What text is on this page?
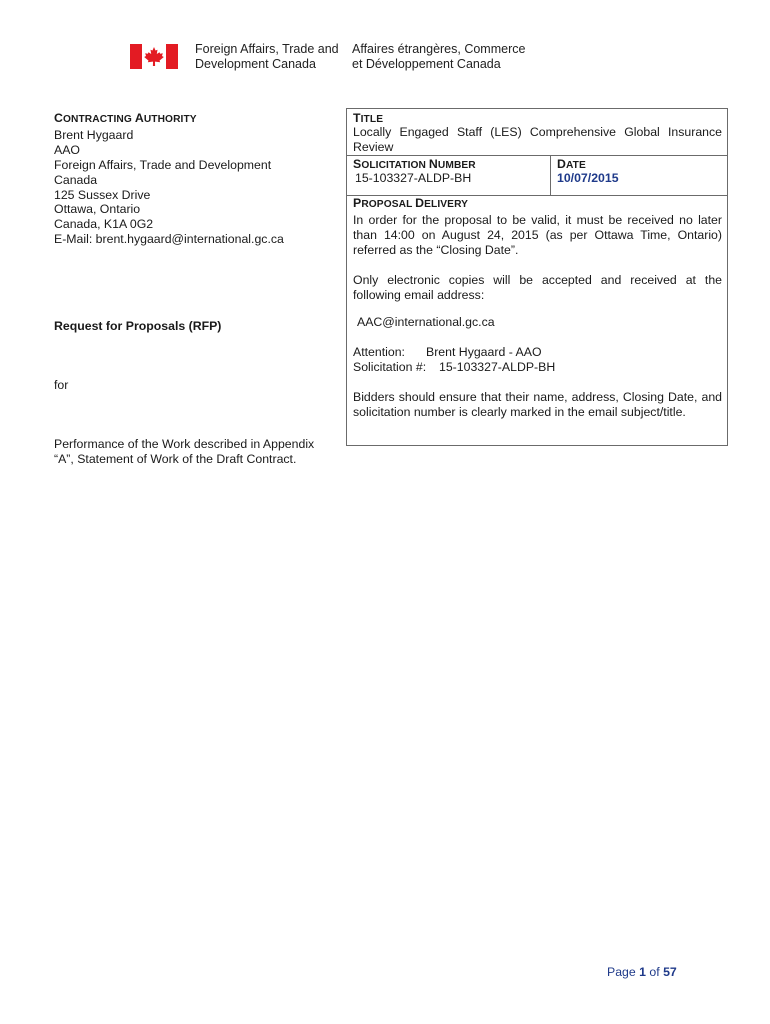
Foreign Affairs, Trade and
Development Canada
Affaires étrangères, Commerce
et Développement Canada
CONTRACTING AUTHORITY
Brent Hygaard
AAO
Foreign Affairs, Trade and Development
Canada
125 Sussex Drive
Ottawa, Ontario
Canada, K1A 0G2
E-Mail: brent.hygaard@international.gc.ca
Request for Proposals (RFP)
for
Performance of the Work described in Appendix “A”, Statement of Work of the Draft Contract.
TITLE
Locally Engaged Staff (LES) Comprehensive Global Insurance Review
SOLICITATION NUMBER
15-103327-ALDP-BH
DATE
10/07/2015
PROPOSAL DELIVERY

In order for the proposal to be valid, it must be received no later than 14:00 on August 24, 2015 (as per Ottawa Time, Ontario) referred as the “Closing Date”.

Only electronic copies will be accepted and received at the following email address:

AAC@international.gc.ca

Attention: Brent Hygaard - AAO
Solicitation #: 15-103327-ALDP-BH

Bidders should ensure that their name, address, Closing Date, and solicitation number is clearly marked in the email subject/title.

Page 1 of 57
